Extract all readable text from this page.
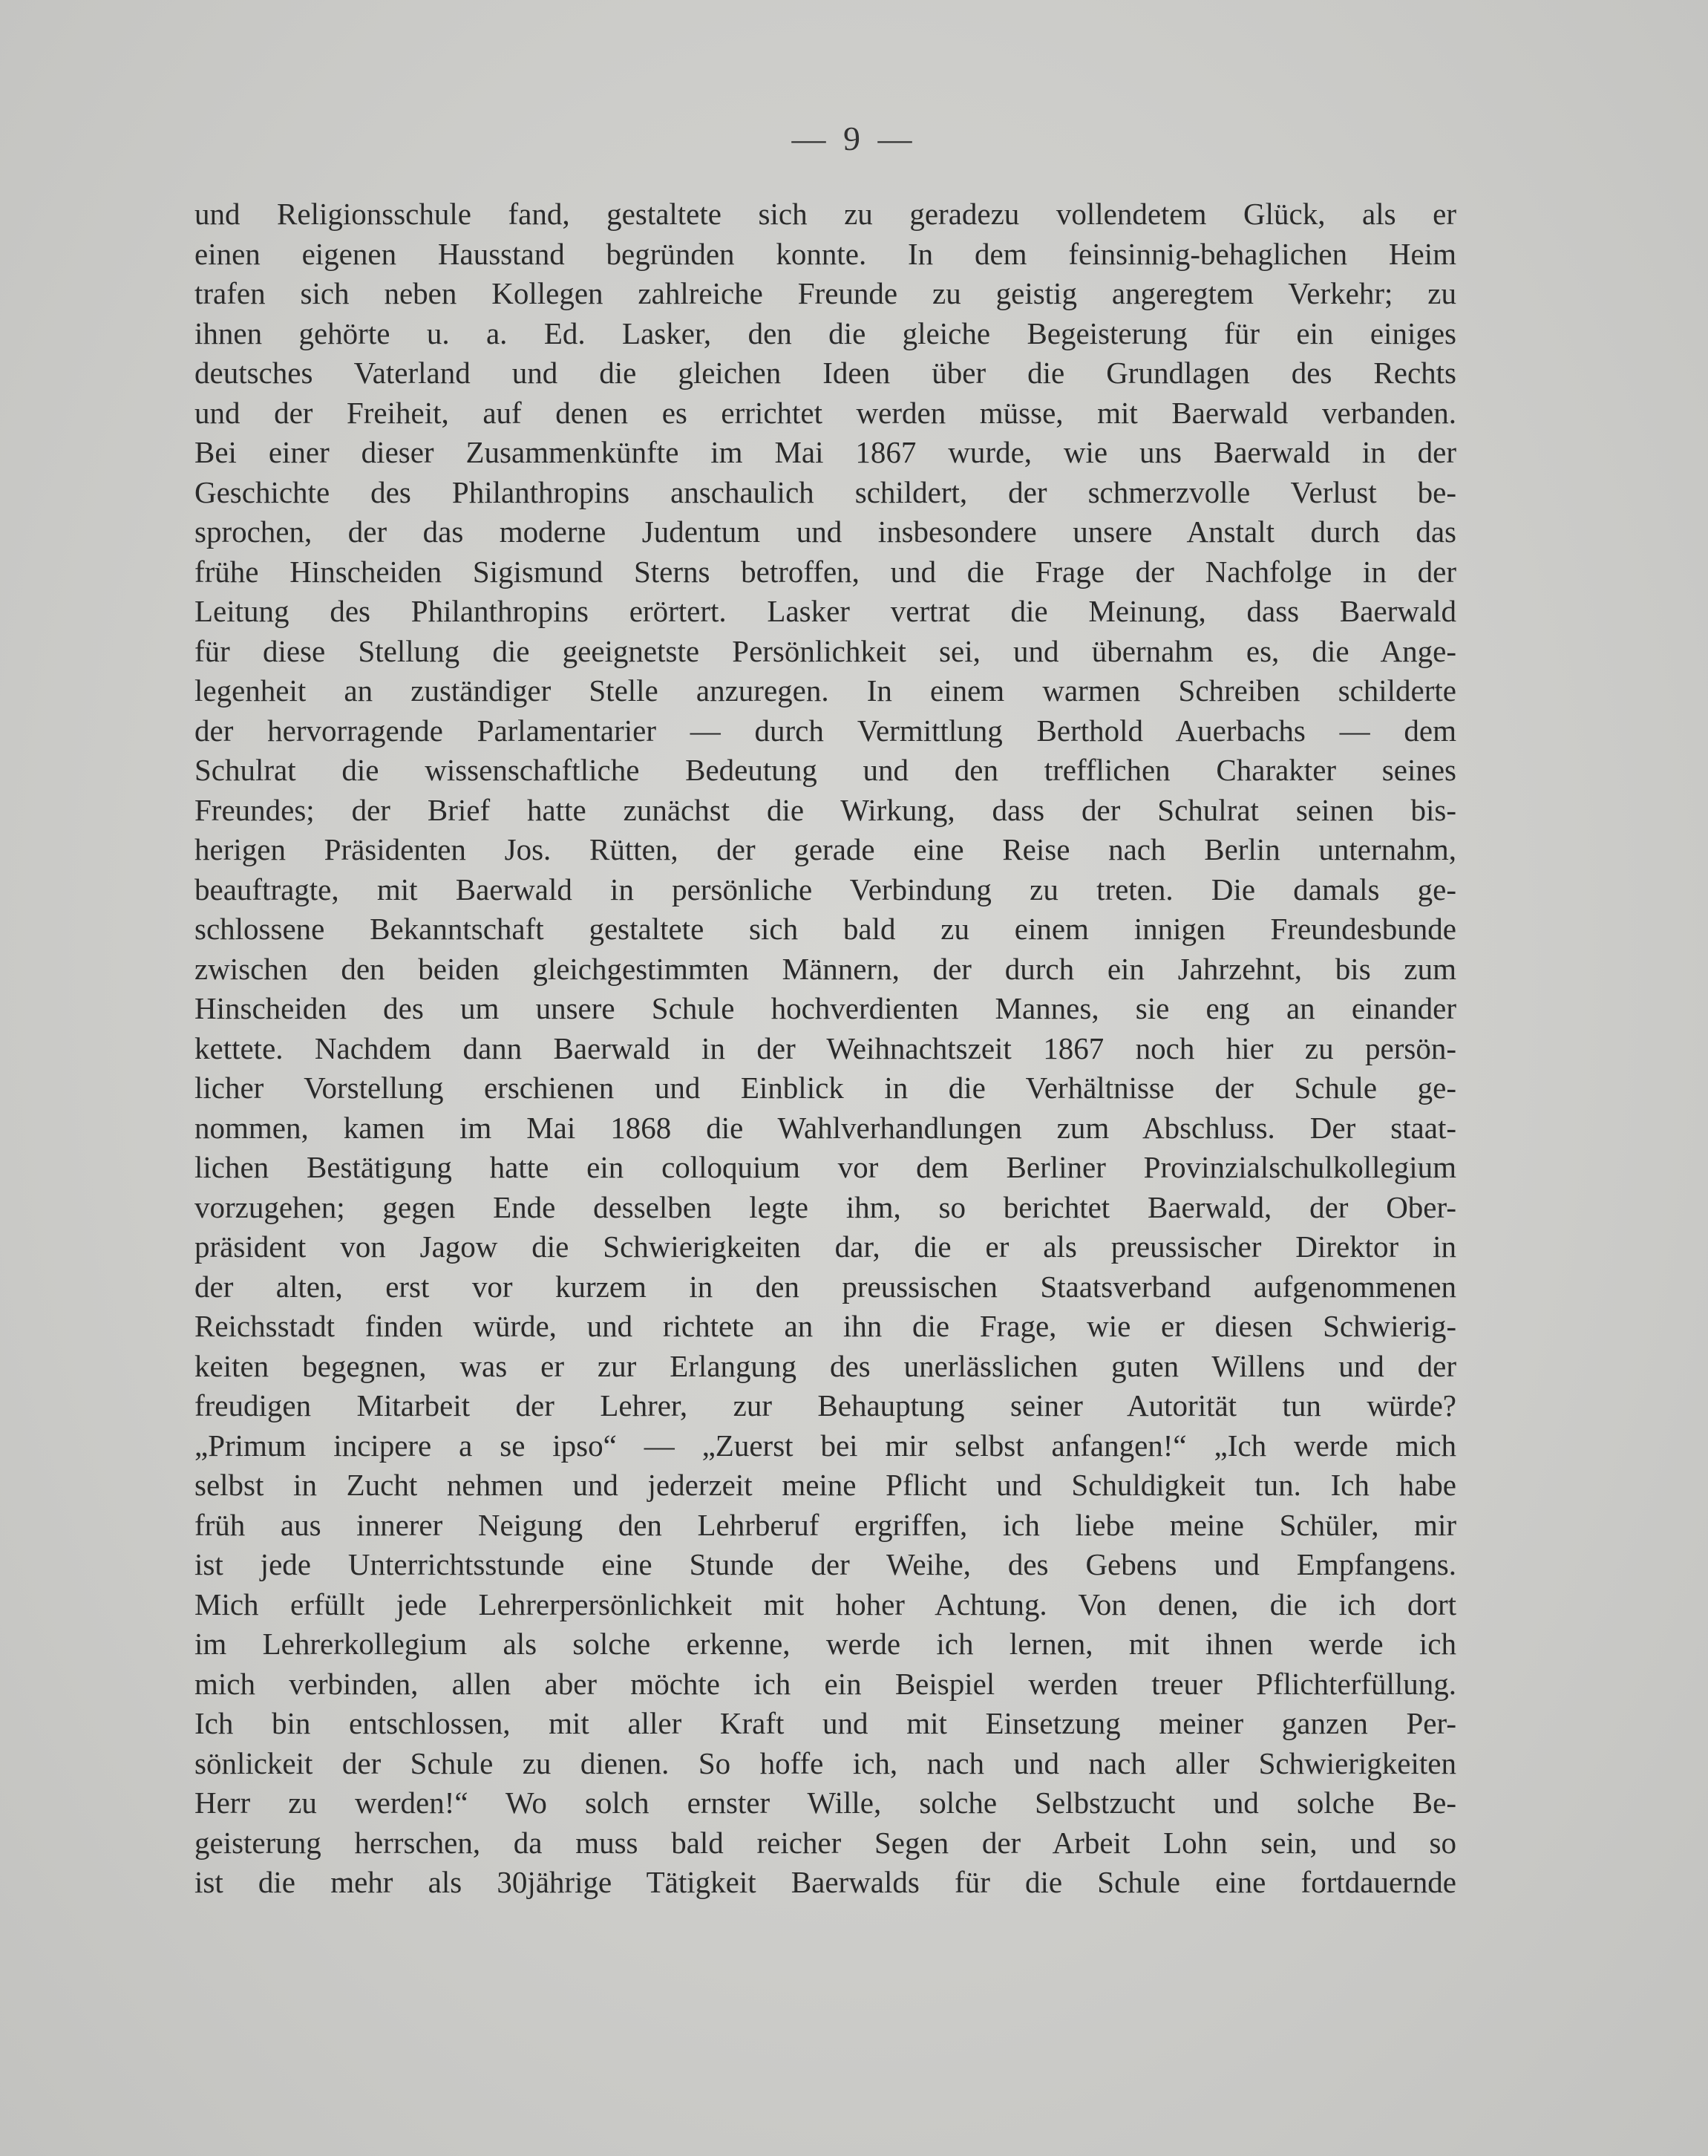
— 9 —
und Religionsschule fand, gestaltete sich zu geradezu vollendetem Glück, als er
einen eigenen Hausstand begründen konnte. In dem feinsinnig-behaglichen Heim
trafen sich neben Kollegen zahlreiche Freunde zu geistig angeregtem Verkehr; zu
ihnen gehörte u. a. Ed. Lasker, den die gleiche Begeisterung für ein einiges
deutsches Vaterland und die gleichen Ideen über die Grundlagen des Rechts
und der Freiheit, auf denen es errichtet werden müsse, mit Baerwald verbanden.
Bei einer dieser Zusammenkünfte im Mai 1867 wurde, wie uns Baerwald in der
Geschichte des Philanthropins anschaulich schildert, der schmerzvolle Verlust be-
sprochen, der das moderne Judentum und insbesondere unsere Anstalt durch das
frühe Hinscheiden Sigismund Sterns betroffen, und die Frage der Nachfolge in der
Leitung des Philanthropins erörtert. Lasker vertrat die Meinung, dass Baerwald
für diese Stellung die geeignetste Persönlichkeit sei, und übernahm es, die Ange-
legenheit an zuständiger Stelle anzuregen. In einem warmen Schreiben schilderte
der hervorragende Parlamentarier — durch Vermittlung Berthold Auerbachs — dem
Schulrat die wissenschaftliche Bedeutung und den trefflichen Charakter seines
Freundes; der Brief hatte zunächst die Wirkung, dass der Schulrat seinen bis-
herigen Präsidenten Jos. Rütten, der gerade eine Reise nach Berlin unternahm,
beauftragte, mit Baerwald in persönliche Verbindung zu treten. Die damals ge-
schlossene Bekanntschaft gestaltete sich bald zu einem innigen Freundesbunde
zwischen den beiden gleichgestimmten Männern, der durch ein Jahrzehnt, bis zum
Hinscheiden des um unsere Schule hochverdienten Mannes, sie eng an einander
kettete. Nachdem dann Baerwald in der Weihnachtszeit 1867 noch hier zu persön-
licher Vorstellung erschienen und Einblick in die Verhältnisse der Schule ge-
nommen, kamen im Mai 1868 die Wahlverhandlungen zum Abschluss. Der staat-
lichen Bestätigung hatte ein colloquium vor dem Berliner Provinzialschulkollegium
vorzugehen; gegen Ende desselben legte ihm, so berichtet Baerwald, der Ober-
präsident von Jagow die Schwierigkeiten dar, die er als preussischer Direktor in
der alten, erst vor kurzem in den preussischen Staatsverband aufgenommenen
Reichsstadt finden würde, und richtete an ihn die Frage, wie er diesen Schwierig-
keiten begegnen, was er zur Erlangung des unerlässlichen guten Willens und der
freudigen Mitarbeit der Lehrer, zur Behauptung seiner Autorität tun würde?
„Primum incipere a se ipso“ — „Zuerst bei mir selbst anfangen!“ „Ich werde mich
selbst in Zucht nehmen und jederzeit meine Pflicht und Schuldigkeit tun. Ich habe
früh aus innerer Neigung den Lehrberuf ergriffen, ich liebe meine Schüler, mir
ist jede Unterrichtsstunde eine Stunde der Weihe, des Gebens und Empfangens.
Mich erfüllt jede Lehrerpersönlichkeit mit hoher Achtung. Von denen, die ich dort
im Lehrerkollegium als solche erkenne, werde ich lernen, mit ihnen werde ich
mich verbinden, allen aber möchte ich ein Beispiel werden treuer Pflichterfüllung.
Ich bin entschlossen, mit aller Kraft und mit Einsetzung meiner ganzen Per-
sönlickeit der Schule zu dienen. So hoffe ich, nach und nach aller Schwierigkeiten
Herr zu werden!“ Wo solch ernster Wille, solche Selbstzucht und solche Be-
geisterung herrschen, da muss bald reicher Segen der Arbeit Lohn sein, und so
ist die mehr als 30jährige Tätigkeit Baerwalds für die Schule eine fortdauernde
